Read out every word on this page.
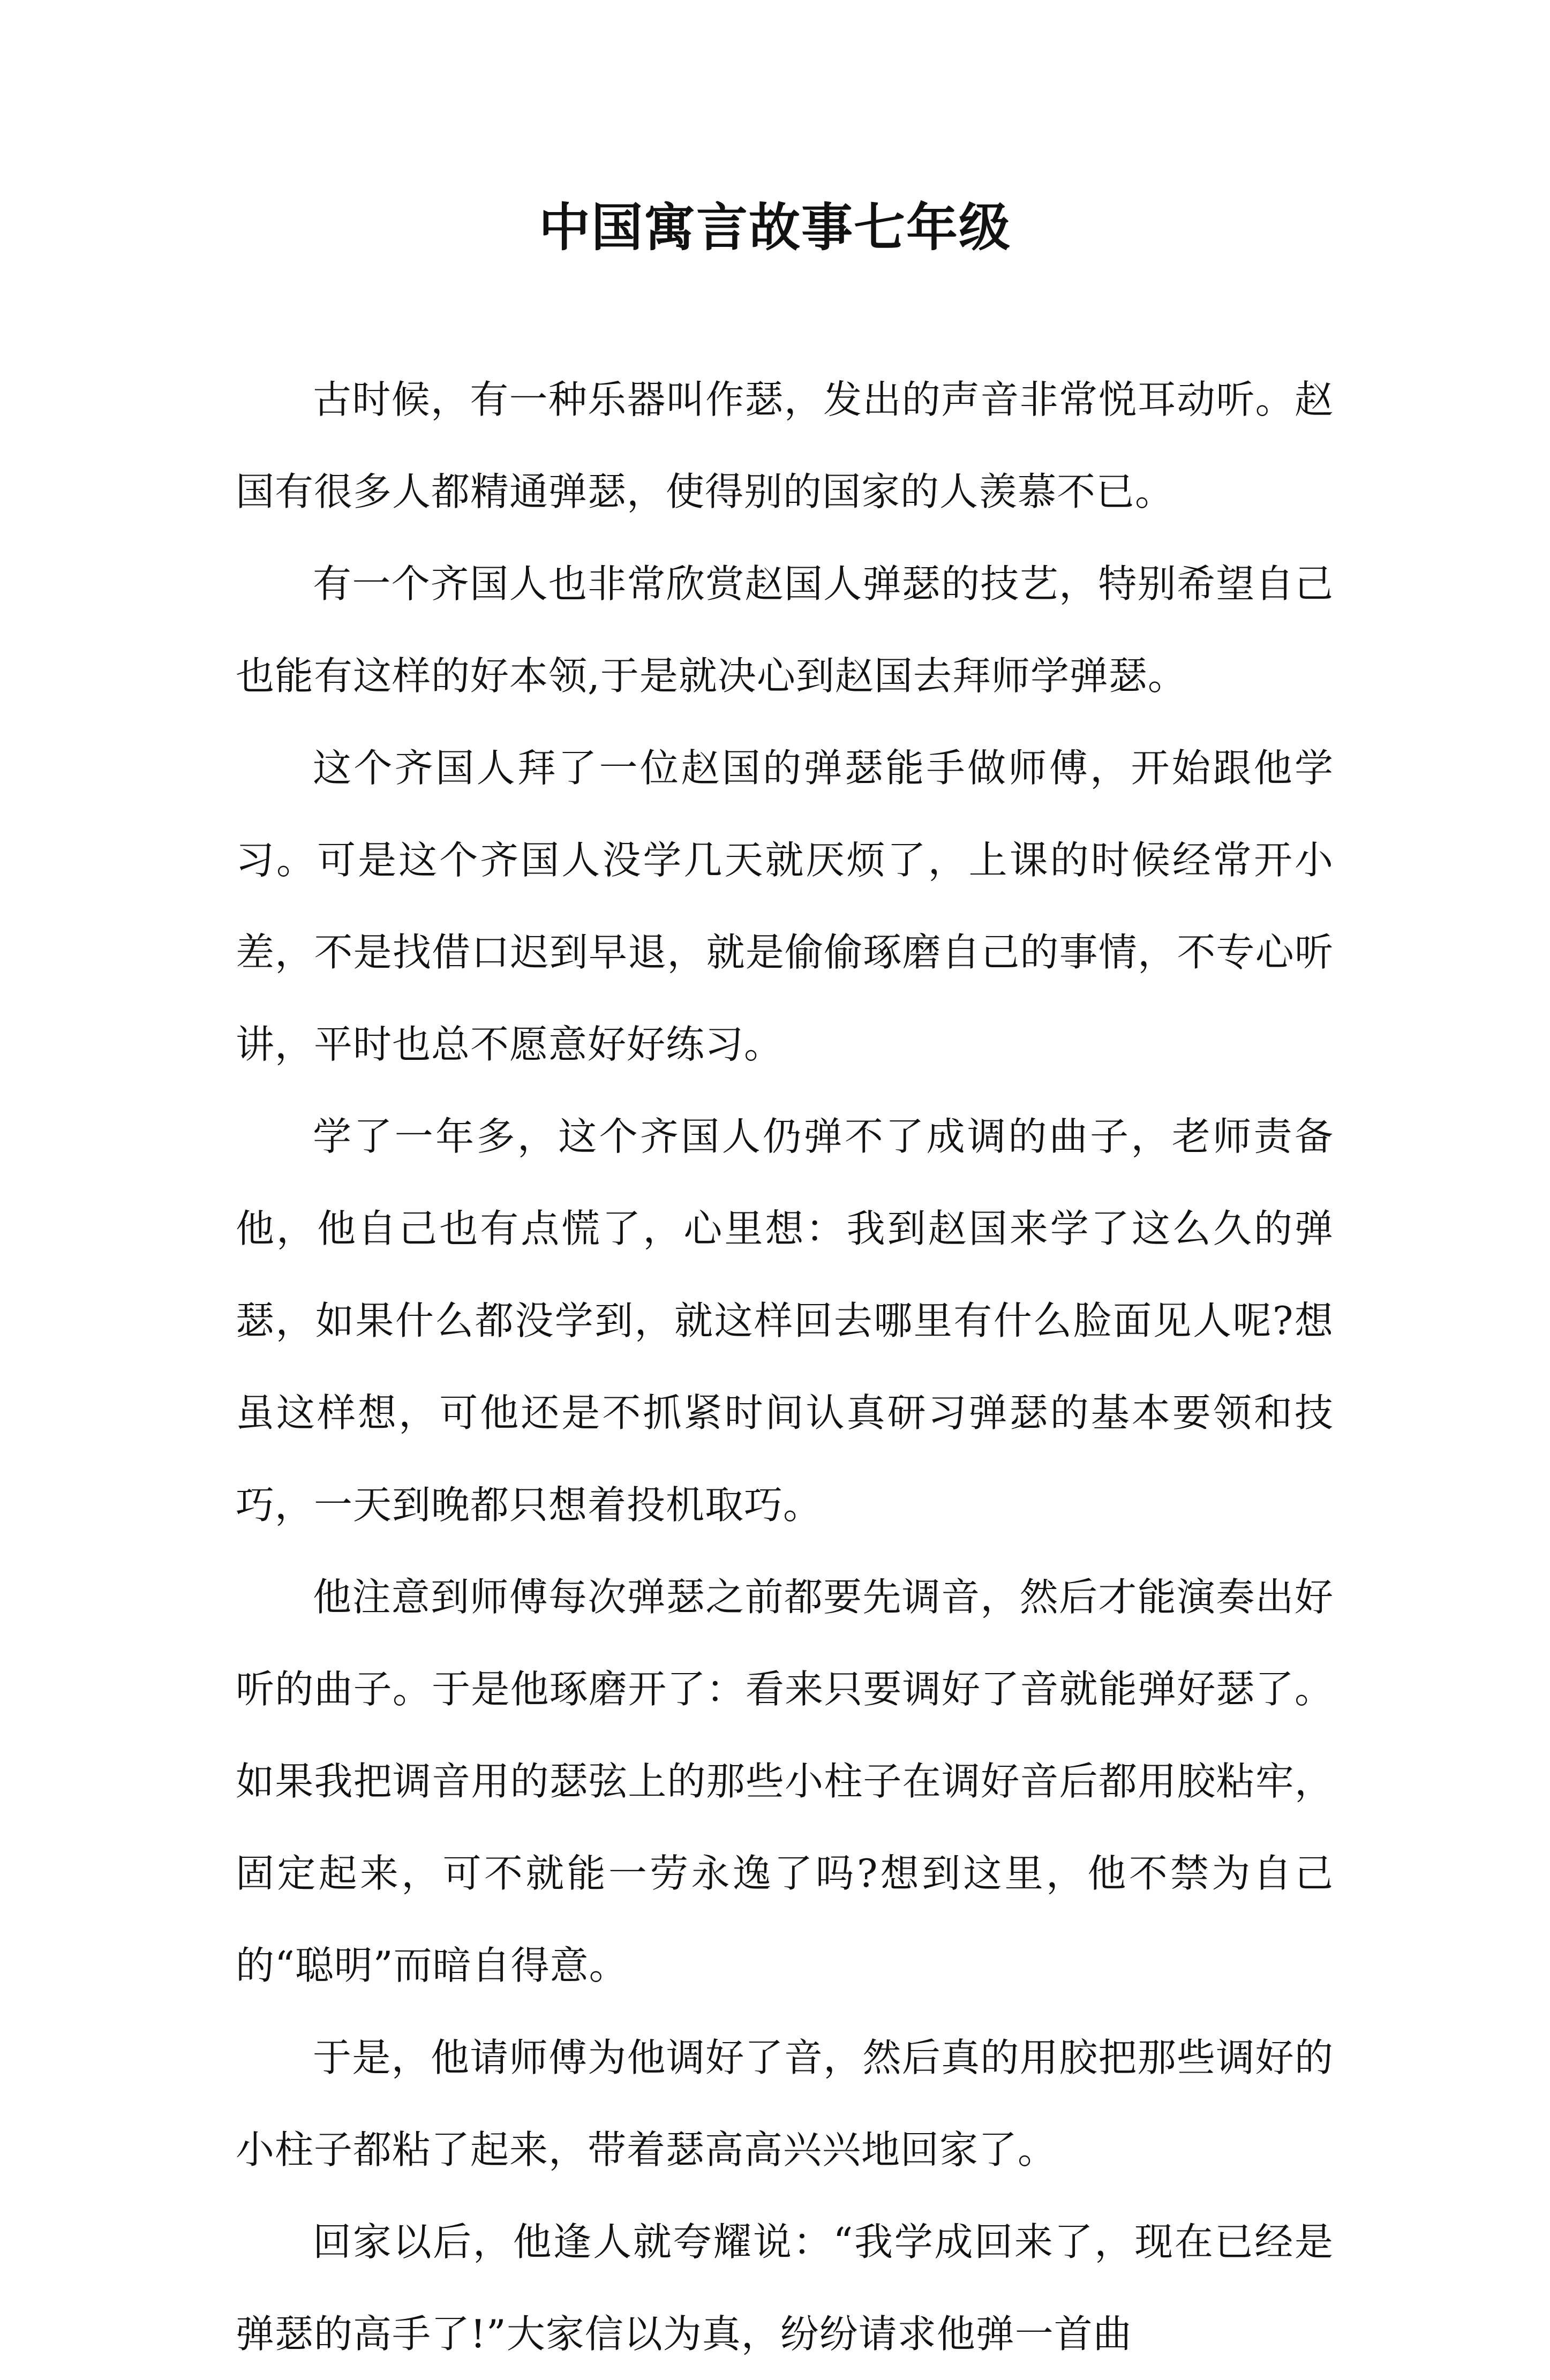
中国寓言故事七年级

古时候，有一种乐器叫作瑟，发出的声音非常悦耳动听。赵国有很多人都精通弹瑟，使得别的国家的人羡慕不已。

有一个齐国人也非常欣赏赵国人弹瑟的技艺，特别希望自己也能有这样的好本领,于是就决心到赵国去拜师学弹瑟。

这个齐国人拜了一位赵国的弹瑟能手做师傅，开始跟他学习。可是这个齐国人没学几天就厌烦了，上课的时候经常开小差，不是找借口迟到早退，就是偷偷琢磨自己的事情，不专心听讲，平时也总不愿意好好练习。

学了一年多，这个齐国人仍弹不了成调的曲子，老师责备他，他自己也有点慌了，心里想：我到赵国来学了这么久的弹瑟，如果什么都没学到，就这样回去哪里有什么脸面见人呢?想虽这样想，可他还是不抓紧时间认真研习弹瑟的基本要领和技巧，一天到晚都只想着投机取巧。

他注意到师傅每次弹瑟之前都要先调音，然后才能演奏出好听的曲子。于是他琢磨开了：看来只要调好了音就能弹好瑟了。如果我把调音用的瑟弦上的那些小柱子在调好音后都用胶粘牢，固定起来，可不就能一劳永逸了吗?想到这里，他不禁为自己的“聪明”而暗自得意。

于是，他请师傅为他调好了音，然后真的用胶把那些调好的小柱子都粘了起来，带着瑟高高兴兴地回家了。

回家以后，他逢人就夸耀说：“我学成回来了，现在已经是弹瑟的高手了!”大家信以为真，纷纷请求他弹一首曲
